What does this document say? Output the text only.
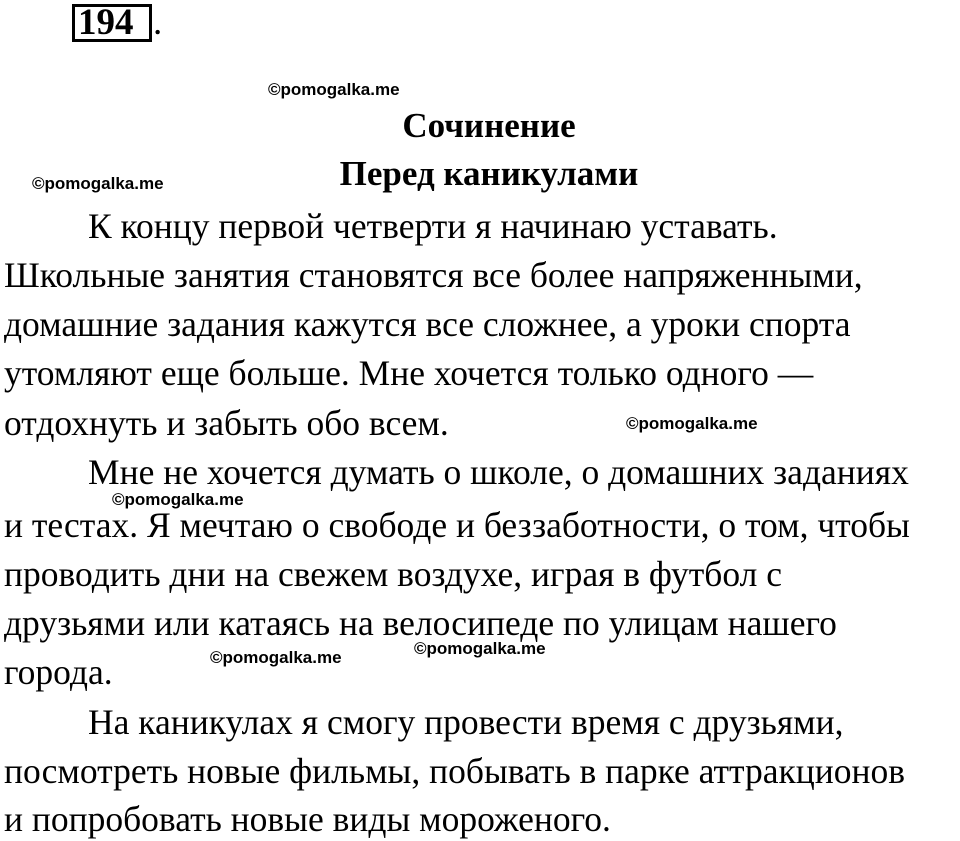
194 .
©pomogalka.me
Сочинение
©pomogalka.me	Перед каникулами
К концу первой четверти я начинаю уставать.
Школьные занятия становятся все более напряженными,
домашние задания кажутся все сложнее, а уроки спорта
утомляют еще больше. Мне хочется только одного —
отдохнуть и забыть обо всем.	©pomogalka.me
Мне не хочется думать о школе, о домашних заданиях
©pomogalka.me
и тестах. Я мечтаю о свободе и беззаботности, о том, чтобы
проводить дни на свежем воздухе, играя в футбол с
друзьями или катаясь на велосипеде по улицам нашего
©pomogalka.me
©pomogalka.me
города.
На каникулах я смогу провести время с друзьями,
посмотреть новые фильмы, побывать в парке аттракционов
и попробовать новые виды мороженого.
